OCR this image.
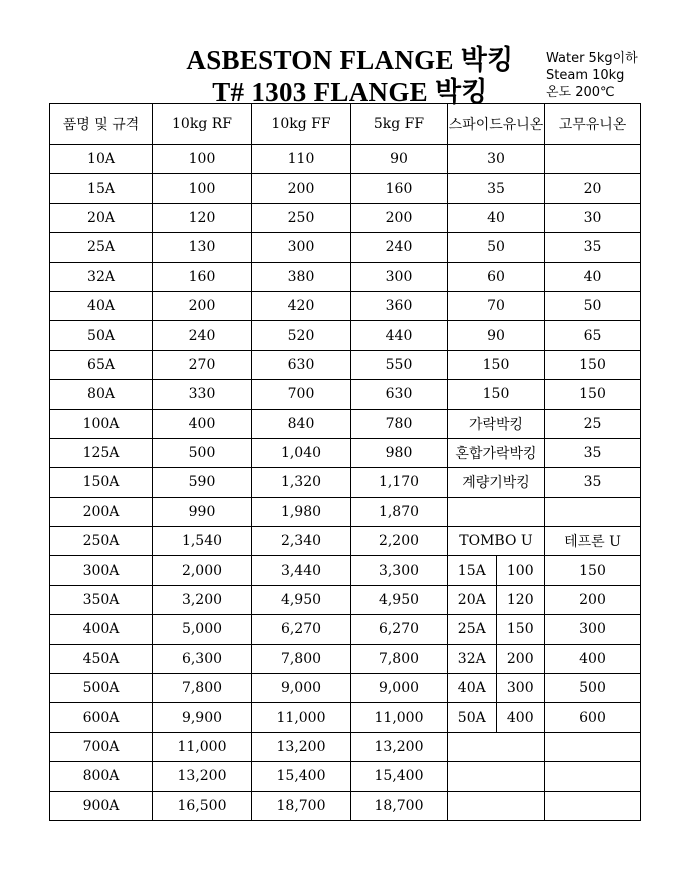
ASBESTON FLANGE 박킹
T# 1303 FLANGE 박킹
Water 5kg이하
Steam 10kg
온도 200℃
품명 및 규격	10kg RF	10kg FF	5kg FF	스파이드유니온	고무유니온
10A	100	110	90	30	
15A	100	200	160	35	20
20A	120	250	200	40	30
25A	130	300	240	50	35
32A	160	380	300	60	40
40A	200	420	360	70	50
50A	240	520	440	90	65
65A	270	630	550	150	150
80A	330	700	630	150	150
100A	400	840	780	가락박킹	25
125A	500	1,040	980	혼합가락박킹	35
150A	590	1,320	1,170	계량기박킹	35
200A	990	1,980	1,870		
250A	1,540	2,340	2,200	TOMBO U	테프론 U
300A	2,000	3,440	3,300	15A 100	150
350A	3,200	4,950	4,950	20A 120	200
400A	5,000	6,270	6,270	25A 150	300
450A	6,300	7,800	7,800	32A 200	400
500A	7,800	9,000	9,000	40A 300	500
600A	9,900	11,000	11,000	50A 400	600
700A	11,000	13,200	13,200		
800A	13,200	15,400	15,400		
900A	16,500	18,700	18,700		
